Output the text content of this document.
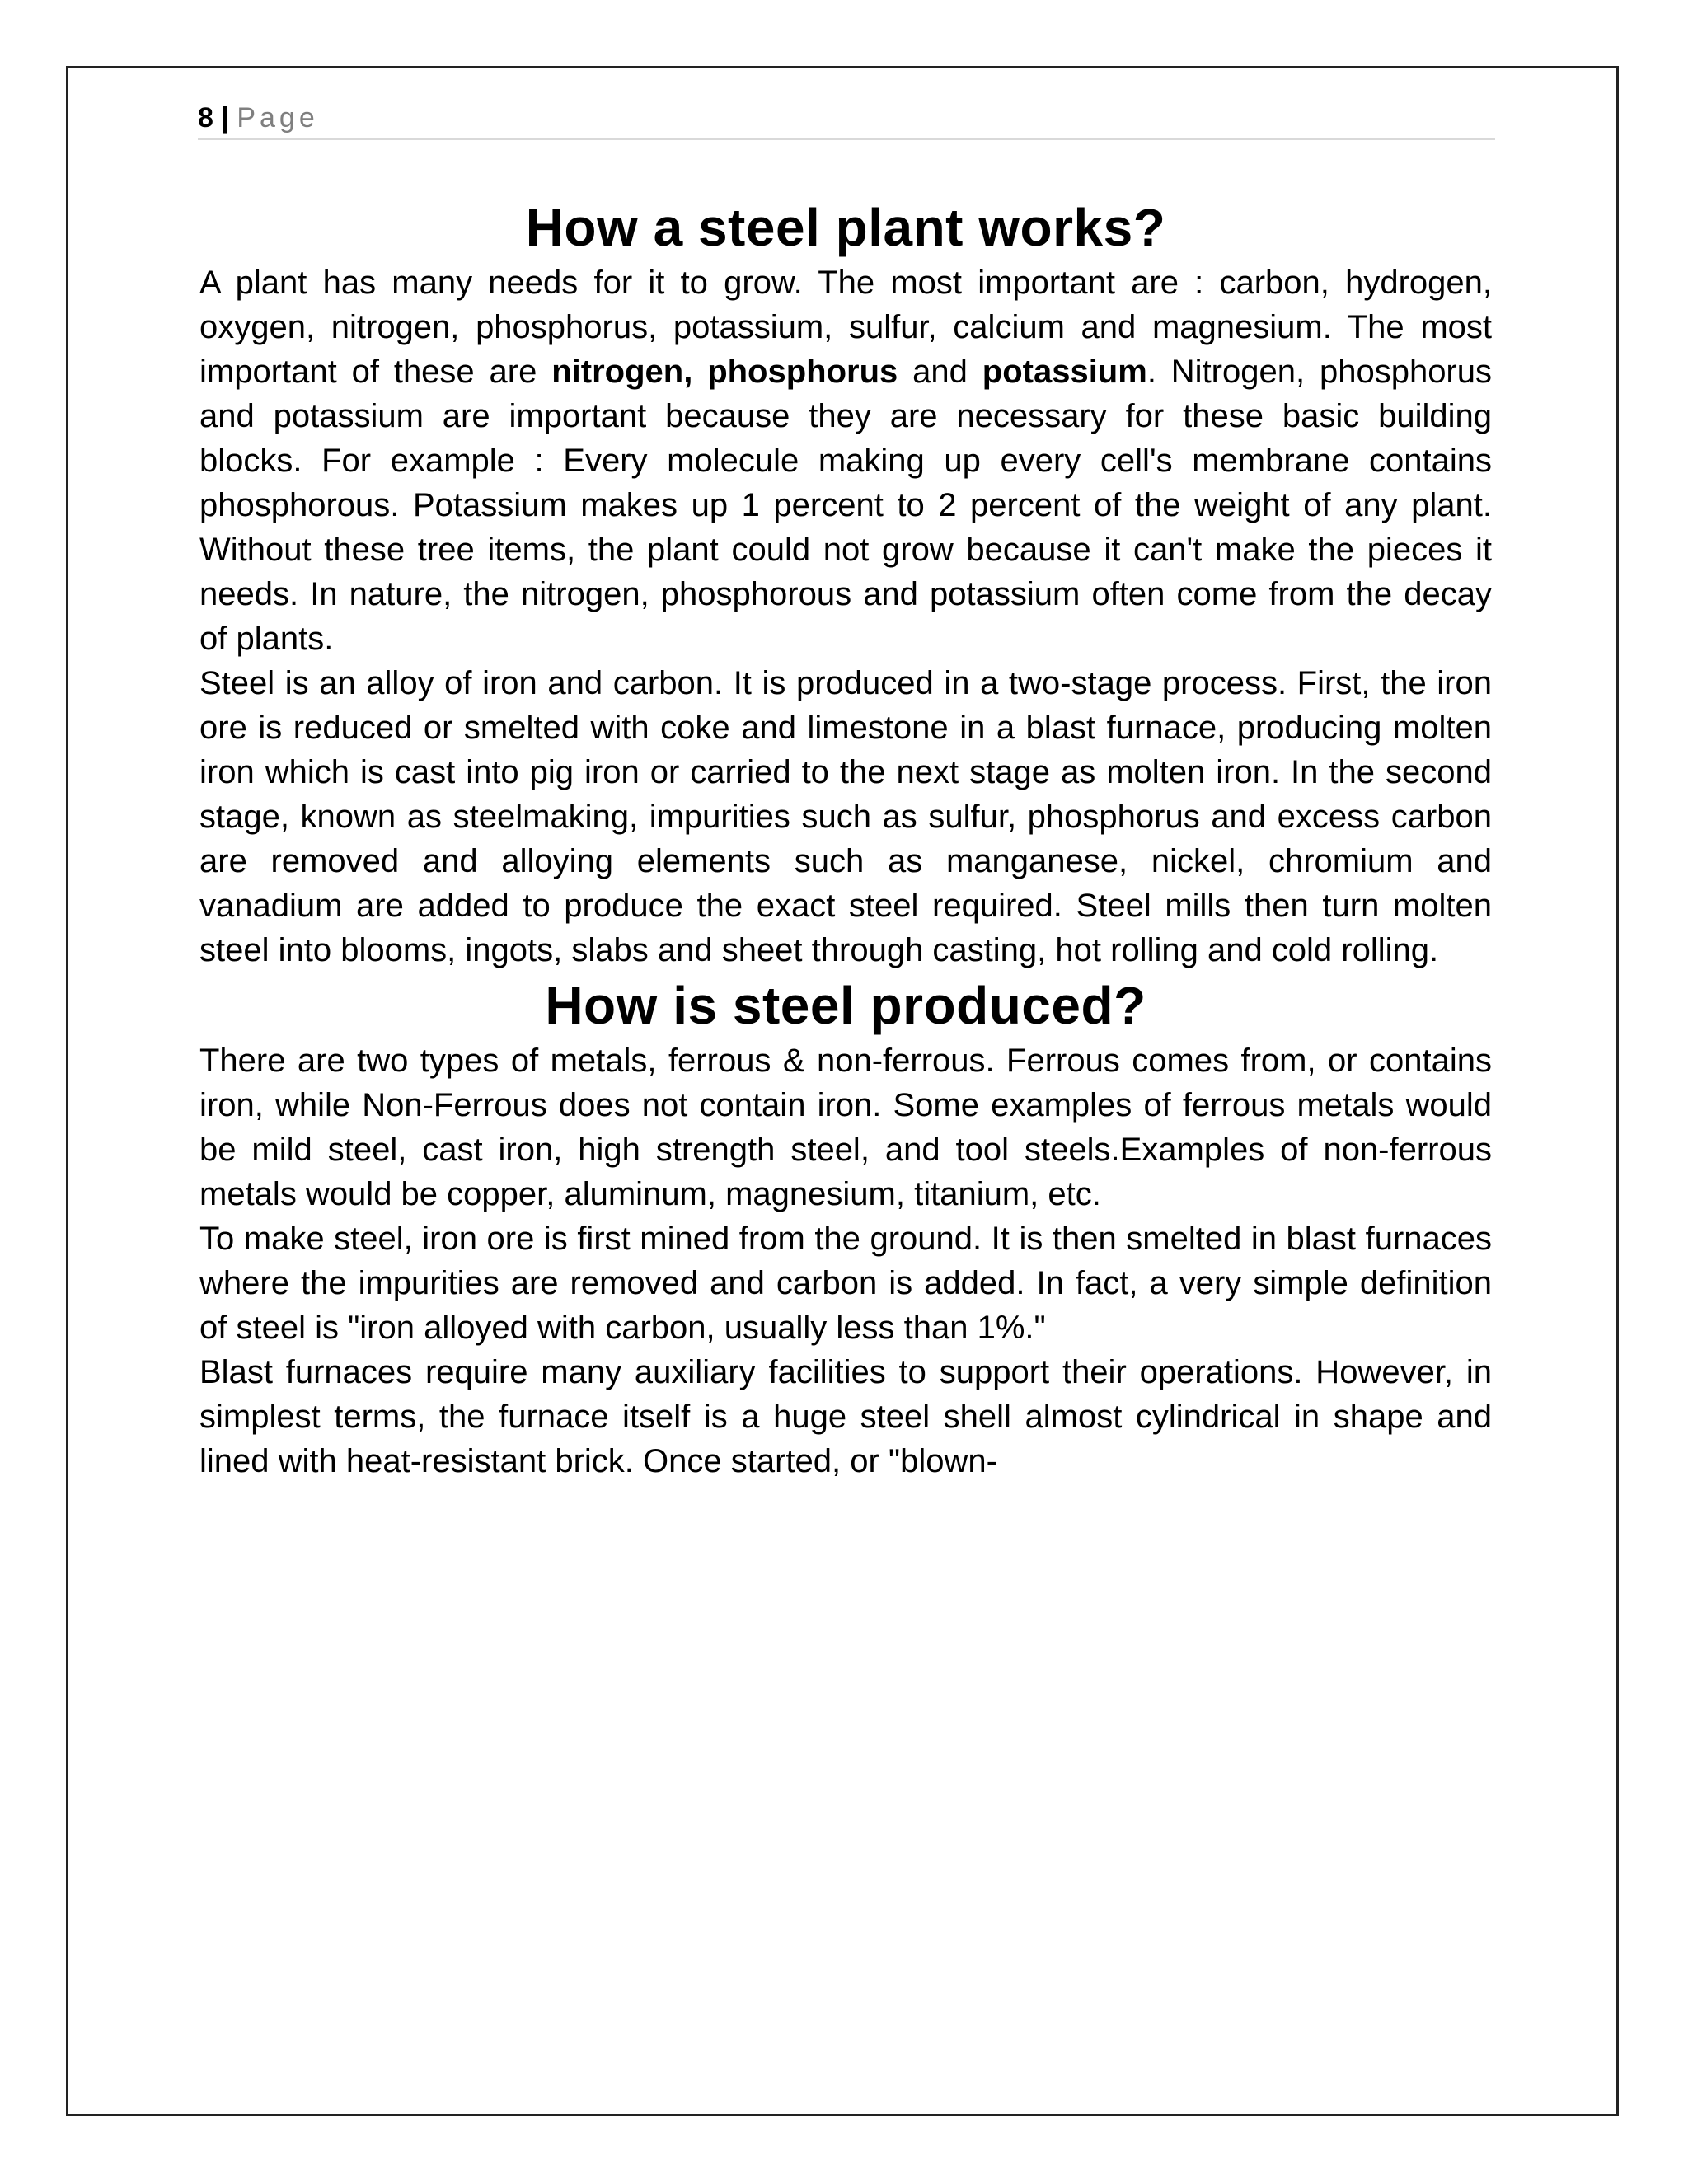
8 | Page
How a steel plant works?

A plant has many needs for it to grow. The most important are : carbon, hydrogen, oxygen, nitrogen, phosphorus, potassium, sulfur, calcium and magnesium. The most important of these are nitrogen, phosphorus and potassium. Nitrogen, phosphorus and potassium are important because they are necessary for these basic building blocks. For example : Every molecule making up every cell's membrane contains phosphorous. Potassium makes up 1 percent to 2 percent of the weight of any plant. Without these tree items, the plant could not grow because it can't make the pieces it needs. In nature, the nitrogen, phosphorous and potassium often come from the decay of plants.

Steel is an alloy of iron and carbon. It is produced in a two-stage process. First, the iron ore is reduced or smelted with coke and limestone in a blast furnace, producing molten iron which is cast into pig iron or carried to the next stage as molten iron. In the second stage, known as steelmaking, impurities such as sulfur, phosphorus and excess carbon are removed and alloying elements such as manganese, nickel, chromium and vanadium are added to produce the exact steel required. Steel mills then turn molten steel into blooms, ingots, slabs and sheet through casting, hot rolling and cold rolling.

How is steel produced?

There are two types of metals, ferrous & non-ferrous. Ferrous comes from, or contains iron, while Non-Ferrous does not contain iron. Some examples of ferrous metals would be mild steel, cast iron, high strength steel, and tool steels.Examples of non-ferrous metals would be copper, aluminum, magnesium, titanium, etc.

To make steel, iron ore is first mined from the ground. It is then smelted in blast furnaces where the impurities are removed and carbon is added. In fact, a very simple definition of steel is "iron alloyed with carbon, usually less than 1%."

Blast furnaces require many auxiliary facilities to support their operations. However, in simplest terms, the furnace itself is a huge steel shell almost cylindrical in shape and lined with heat-resistant brick. Once started, or "blown-
